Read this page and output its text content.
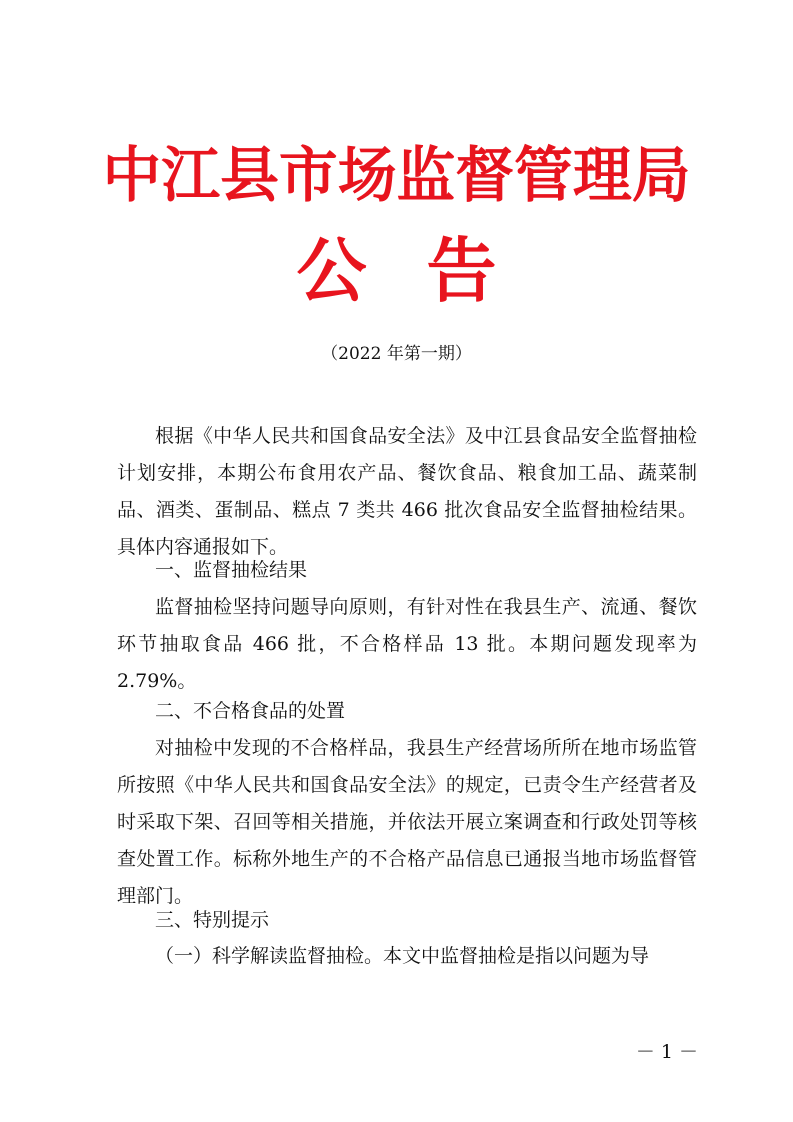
中江县市场监督管理局
公 告
（2022 年第一期）

根据《中华人民共和国食品安全法》及中江县食品安全监督抽检计划安排，本期公布食用农产品、餐饮食品、粮食加工品、蔬菜制品、酒类、蛋制品、糕点 7 类共 466 批次食品安全监督抽检结果。具体内容通报如下。

一、监督抽检结果

监督抽检坚持问题导向原则，有针对性在我县生产、流通、餐饮环节抽取食品 466 批，不合格样品 13 批。本期问题发现率为 2.79%。

二、不合格食品的处置

对抽检中发现的不合格样品，我县生产经营场所所在地市场监管所按照《中华人民共和国食品安全法》的规定，已责令生产经营者及时采取下架、召回等相关措施，并依法开展立案调查和行政处罚等核查处置工作。标称外地生产的不合格产品信息已通报当地市场监督管理部门。

三、特别提示

（一）科学解读监督抽检。本文中监督抽检是指以问题为导

－ 1 －
